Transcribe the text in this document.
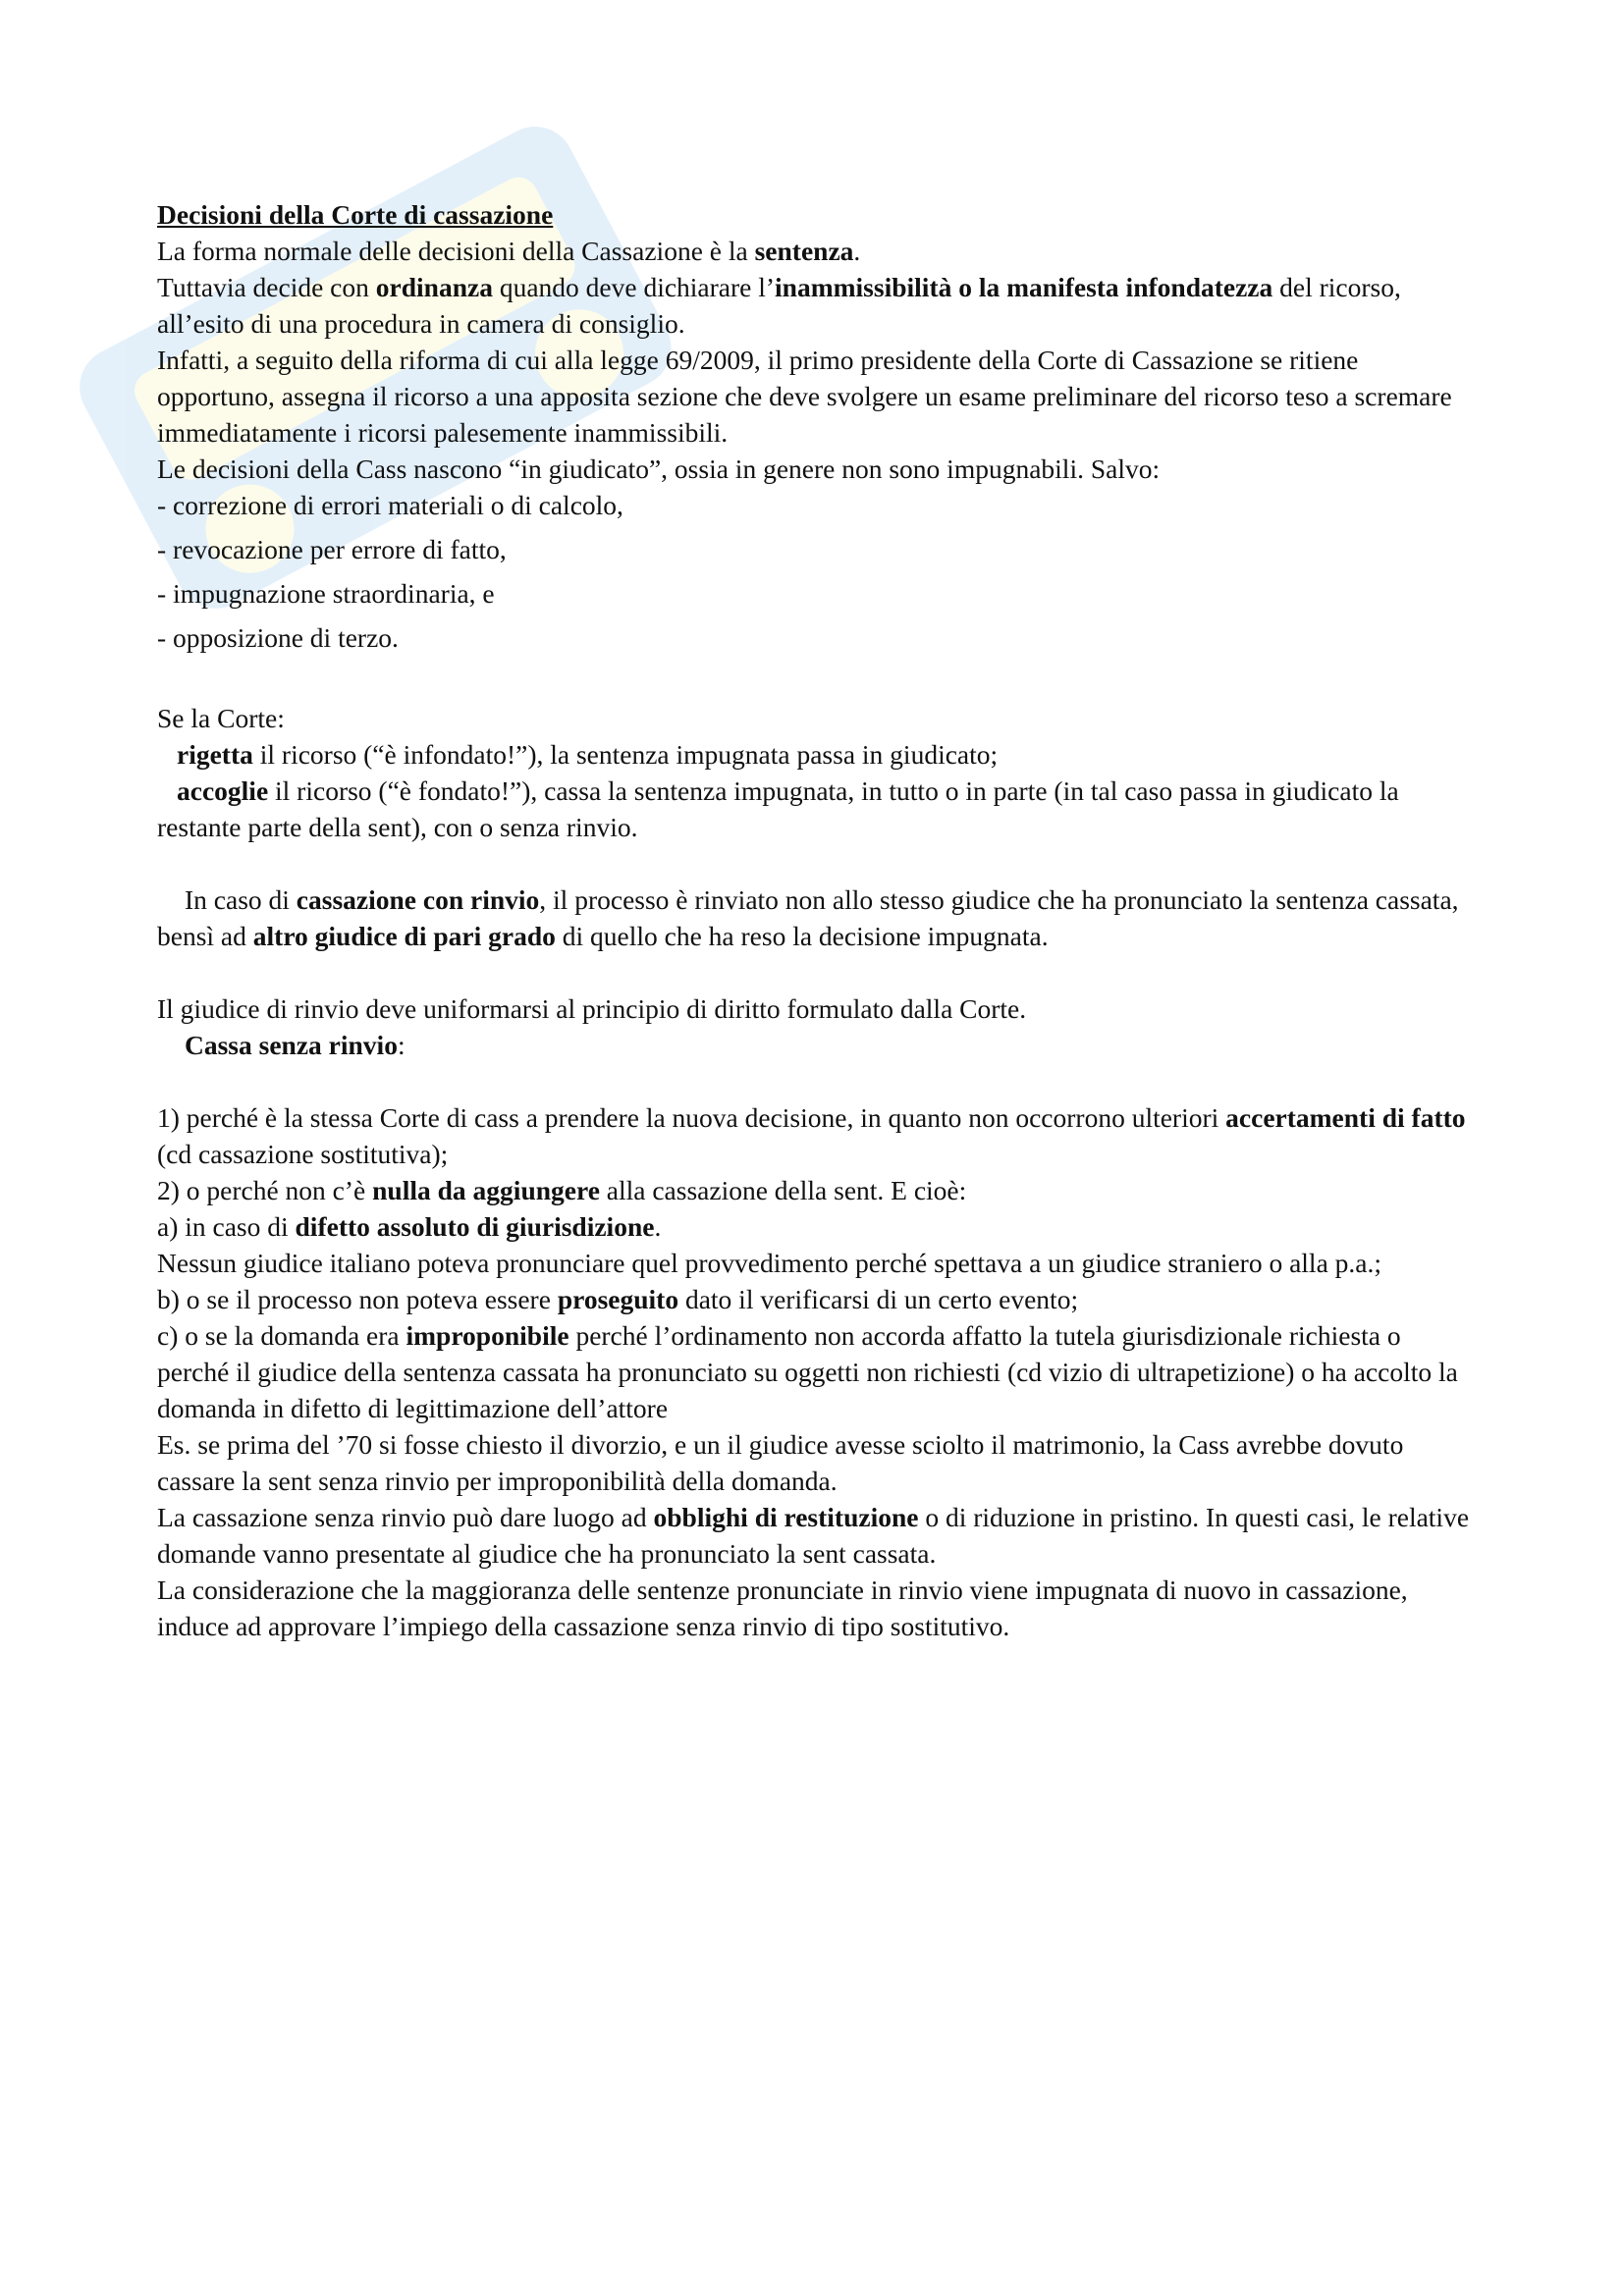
Decisioni della Corte di cassazione

La forma normale delle decisioni della Cassazione è la sentenza.

Tuttavia decide con ordinanza quando deve dichiarare l’inammissibilità o la manifesta infondatezza del ricorso, all’esito di una procedura in camera di consiglio.

Infatti, a seguito della riforma di cui alla legge 69/2009, il primo presidente della Corte di Cassazione se ritiene opportuno, assegna il ricorso a una apposita sezione che deve svolgere un esame preliminare del ricorso teso a scremare immediatamente i ricorsi palesemente inammissibili.

Le decisioni della Cass nascono “in giudicato”, ossia in genere non sono impugnabili. Salvo:

- correzione di errori materiali o di calcolo,

- revocazione per errore di fatto,

- impugnazione straordinaria, e

- opposizione di terzo.

Se la Corte:

rigetta il ricorso (“è infondato!”), la sentenza impugnata passa in giudicato;

accoglie il ricorso (“è fondato!”), cassa la sentenza impugnata, in tutto o in parte (in tal caso passa in giudicato la restante parte della sent), con o senza rinvio.

In caso di cassazione con rinvio, il processo è rinviato non allo stesso giudice che ha pronunciato la sentenza cassata, bensì ad altro giudice di pari grado di quello che ha reso la decisione impugnata.

Il giudice di rinvio deve uniformarsi al principio di diritto formulato dalla Corte.

Cassa senza rinvio:

1) perché è la stessa Corte di cass a prendere la nuova decisione, in quanto non occorrono ulteriori accertamenti di fatto (cd cassazione sostitutiva);

2) o perché non c’è nulla da aggiungere alla cassazione della sent. E cioè:

a) in caso di difetto assoluto di giurisdizione.

Nessun giudice italiano poteva pronunciare quel provvedimento perché spettava a un giudice straniero o alla p.a.;

b) o se il processo non poteva essere proseguito dato il verificarsi di un certo evento;

c) o se la domanda era improponibile perché l’ordinamento non accorda affatto la tutela giurisdizionale richiesta o perché il giudice della sentenza cassata ha pronunciato su oggetti non richiesti (cd vizio di ultrapetizione) o ha accolto la domanda in difetto di legittimazione dell’attore

Es. se prima del ’70 si fosse chiesto il divorzio, e un il giudice avesse sciolto il matrimonio, la Cass avrebbe dovuto cassare la sent senza rinvio per improponibilità della domanda.

La cassazione senza rinvio può dare luogo ad obblighi di restituzione o di riduzione in pristino. In questi casi, le relative domande vanno presentate al giudice che ha pronunciato la sent cassata.

La considerazione che la maggioranza delle sentenze pronunciate in rinvio viene impugnata di nuovo in cassazione, induce ad approvare l’impiego della cassazione senza rinvio di tipo sostitutivo.
